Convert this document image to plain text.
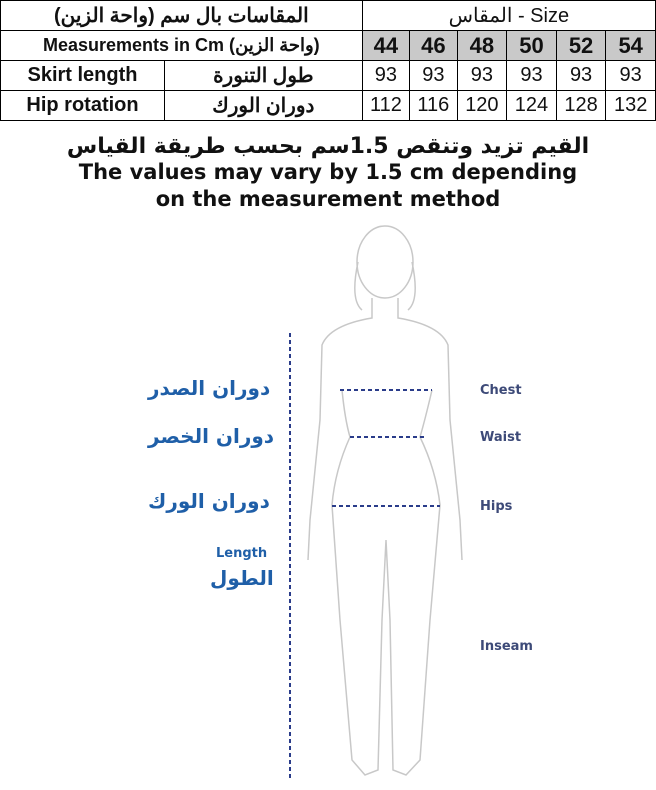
المقاسات بال سم (واحة الزين)		المقاس - Size					
Measurements in Cm (واحة الزين)		44	46	48	50	52	54
Skirt length	طول التنورة	93	93	93	93	93	93
Hip rotation	دوران الورك	112	116	120	124	128	132
القيم تزيد وتنقص 1.5سم بحسب طريقة القياس
The values may vary by 1.5 cm depending
on the measurement method
دوران الصدر
دوران الخصر
دوران الورك
Length
الطول
Chest
Waist
Hips
Inseam
